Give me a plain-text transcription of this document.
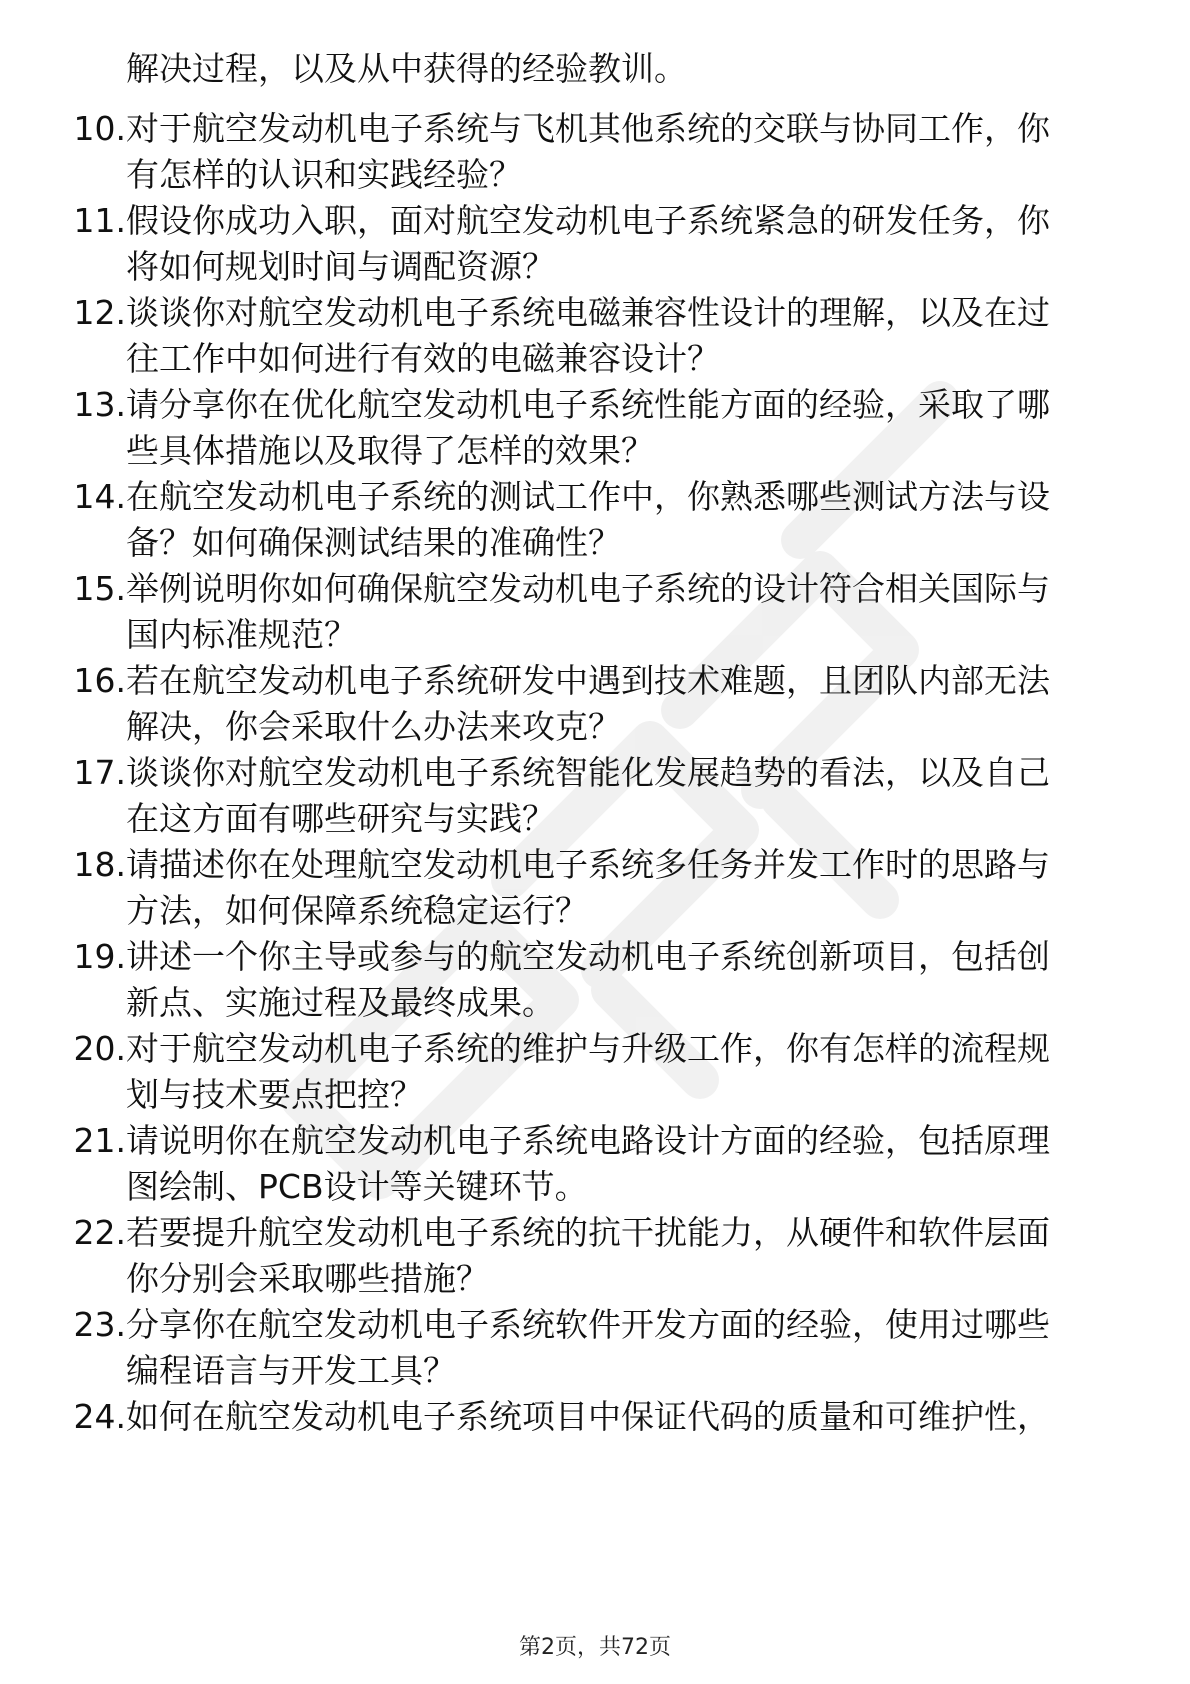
解决过程，以及从中获得的经验教训。
10. 对于航空发动机电子系统与飞机其他系统的交联与协同工作，你
有怎样的认识和实践经验？
11. 假设你成功入职，面对航空发动机电子系统紧急的研发任务，你
将如何规划时间与调配资源？
12. 谈谈你对航空发动机电子系统电磁兼容性设计的理解，以及在过
往工作中如何进行有效的电磁兼容设计？
13. 请分享你在优化航空发动机电子系统性能方面的经验，采取了哪
些具体措施以及取得了怎样的效果？
14. 在航空发动机电子系统的测试工作中，你熟悉哪些测试方法与设
备？如何确保测试结果的准确性？
15. 举例说明你如何确保航空发动机电子系统的设计符合相关国际与
国内标准规范？
16. 若在航空发动机电子系统研发中遇到技术难题，且团队内部无法
解决，你会采取什么办法来攻克？
17. 谈谈你对航空发动机电子系统智能化发展趋势的看法，以及自己
在这方面有哪些研究与实践？
18. 请描述你在处理航空发动机电子系统多任务并发工作时的思路与
方法，如何保障系统稳定运行？
19. 讲述一个你主导或参与的航空发动机电子系统创新项目，包括创
新点、实施过程及最终成果。
20. 对于航空发动机电子系统的维护与升级工作，你有怎样的流程规
划与技术要点把控？
21. 请说明你在航空发动机电子系统电路设计方面的经验，包括原理
图绘制、PCB设计等关键环节。
22. 若要提升航空发动机电子系统的抗干扰能力，从硬件和软件层面
你分别会采取哪些措施？
23. 分享你在航空发动机电子系统软件开发方面的经验，使用过哪些
编程语言与开发工具？
24. 如何在航空发动机电子系统项目中保证代码的质量和可维护性，
第2页，共72页
